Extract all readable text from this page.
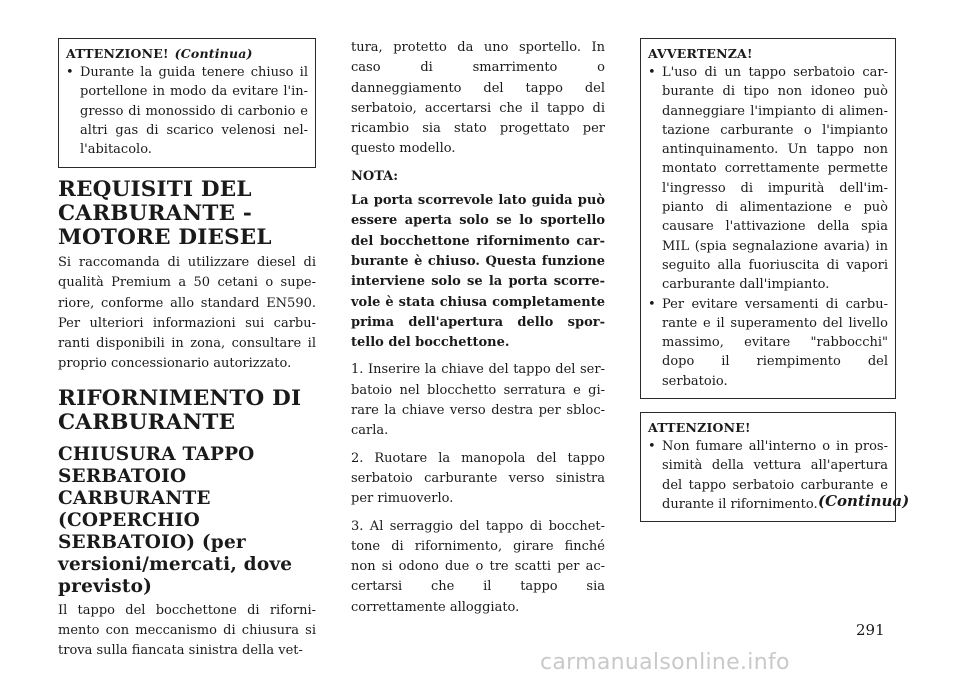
ATTENZIONE! (Continua)
• Durante la guida tenere chiuso il portellone in modo da evitare l'in- gresso di monossido di carbonio e altri gas di scarico velenosi nel- l'abitacolo.
REQUISITI DEL CARBURANTE - MOTORE DIESEL

Si raccomanda di utilizzare diesel di qualità Premium a 50 cetani o supe- riore, conforme allo standard EN590. Per ulteriori informazioni sui carbu- ranti disponibili in zona, consultare il proprio concessionario autorizzato.

RIFORNIMENTO DI CARBURANTE
CHIUSURA TAPPO SERBATOIO CARBURANTE (COPERCHIO SERBATOIO) (per versioni/mercati, dove previsto)

Il tappo del bocchettone di riforni- mento con meccanismo di chiusura si trova sulla fiancata sinistra della vet-

tura, protetto da uno sportello. In caso di smarrimento o danneggiamento del tappo del serbatoio, accertarsi che il tappo di ricambio sia stato progettato per questo modello.

NOTA:

La porta scorrevole lato guida può essere aperta solo se lo sportello del bocchettone rifornimento car- burante è chiuso. Questa funzione interviene solo se la porta scorre- vole è stata chiusa completamente prima dell'apertura dello spor- tello del bocchettone.

1. Inserire la chiave del tappo del ser- batoio nel blocchetto serratura e gi- rare la chiave verso destra per sbloc- carla.

2. Ruotare la manopola del tappo serbatoio carburante verso sinistra per rimuoverlo.

3. Al serraggio del tappo di bocchet- tone di rifornimento, girare finché non si odono due o tre scatti per ac- certarsi che il tappo sia correttamente alloggiato.

AVVERTENZA!
• L'uso di un tappo serbatoio car- burante di tipo non idoneo può danneggiare l'impianto di alimen- tazione carburante o l'impianto antinquinamento. Un tappo non montato correttamente permette l'ingresso di impurità dell'im- pianto di alimentazione e può causare l'attivazione della spia MIL (spia segnalazione avaria) in seguito alla fuoriuscita di vapori carburante dall'impianto.
• Per evitare versamenti di carbu- rante e il superamento del livello massimo, evitare "rabbocchi" dopo il riempimento del serbatoio.
ATTENZIONE!
• Non fumare all'interno o in pros- simità della vettura all'apertura del tappo serbatoio carburante e durante il rifornimento. (Continua)
291
carmanualsonline.info
